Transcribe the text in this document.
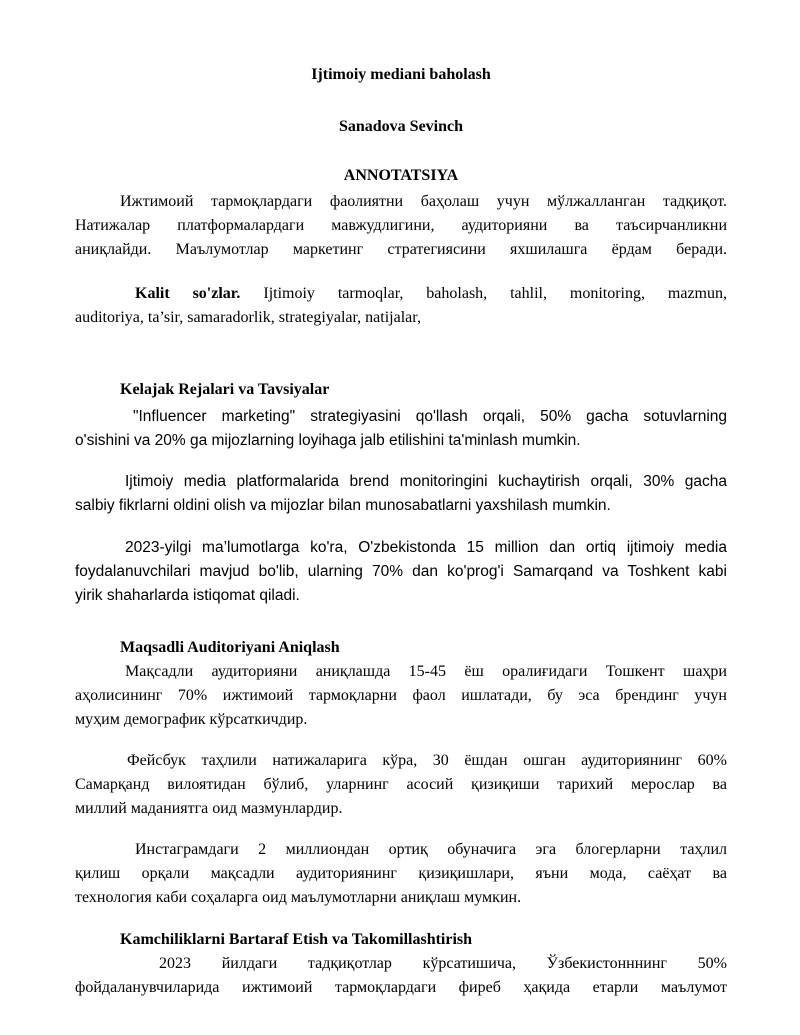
Ijtimoiy mediani baholash
Sanadova Sevinch
ANNOTATSIYA
Ижтимоий тармоқлардаги фаолиятни баҳолаш учун мўлжалланган тадқиқот.
Натижалар платформалардаги мавжудлигини, аудиторияни ва таъсирчанликни
аниқлайди. Маълумотлар маркетинг стратегиясини яхшилашга ёрдам беради.
Kalit so'zlar. Ijtimoiy tarmoqlar, baholash, tahlil, monitoring, mazmun,
auditoriya, ta’sir, samaradorlik, strategiyalar, natijalar,
Kelajak Rejalari va Tavsiyalar
"Influencer marketing" strategiyasini qo'llash orqali, 50% gacha sotuvlarning
o'sishini va 20% ga mijozlarning loyihaga jalb etilishini ta'minlash mumkin.
Ijtimoiy media platformalarida brend monitoringini kuchaytirish orqali, 30% gacha
salbiy fikrlarni oldini olish va mijozlar bilan munosabatlarni yaxshilash mumkin.
2023-yilgi ma’lumotlarga ko'ra, O'zbekistonda 15 million dan ortiq ijtimoiy media
foydalanuvchilari mavjud bo'lib, ularning 70% dan ko'prog'i Samarqand va Toshkent kabi
yirik shaharlarda istiqomat qiladi.
Maqsadli Auditoriyani Aniqlash
Мақсадли аудиторияни аниқлашда 15-45 ёш оралиғидаги Тошкент шаҳри
аҳолисининг 70% ижтимоий тармоқларни фаол ишлатади, бу эса брендинг учун
муҳим демографик кўрсаткичдир.
Фейсбук таҳлили натижаларига кўра, 30 ёшдан ошган аудиториянинг 60%
Самарқанд вилоятидан бўлиб, уларнинг асосий қизиқиши тарихий мерослар ва
миллий маданиятга оид мазмунлардир.
Инстаграмдаги 2 миллиондан ортиқ обуначига эга блогерларни таҳлил
қилиш орқали мақсадли аудиториянинг қизиқишлари, яъни мода, саёҳат ва
технология каби соҳаларга оид маълумотларни аниқлаш мумкин.
Kamchiliklarni Bartaraf Etish va Takomillashtirish
2023 йилдаги тадқиқотлар кўрсатишича, Ўзбекистонннинг 50%
фойдаланувчиларида ижтимоий тармоқлардаги фиреб ҳақида етарли маълумот
